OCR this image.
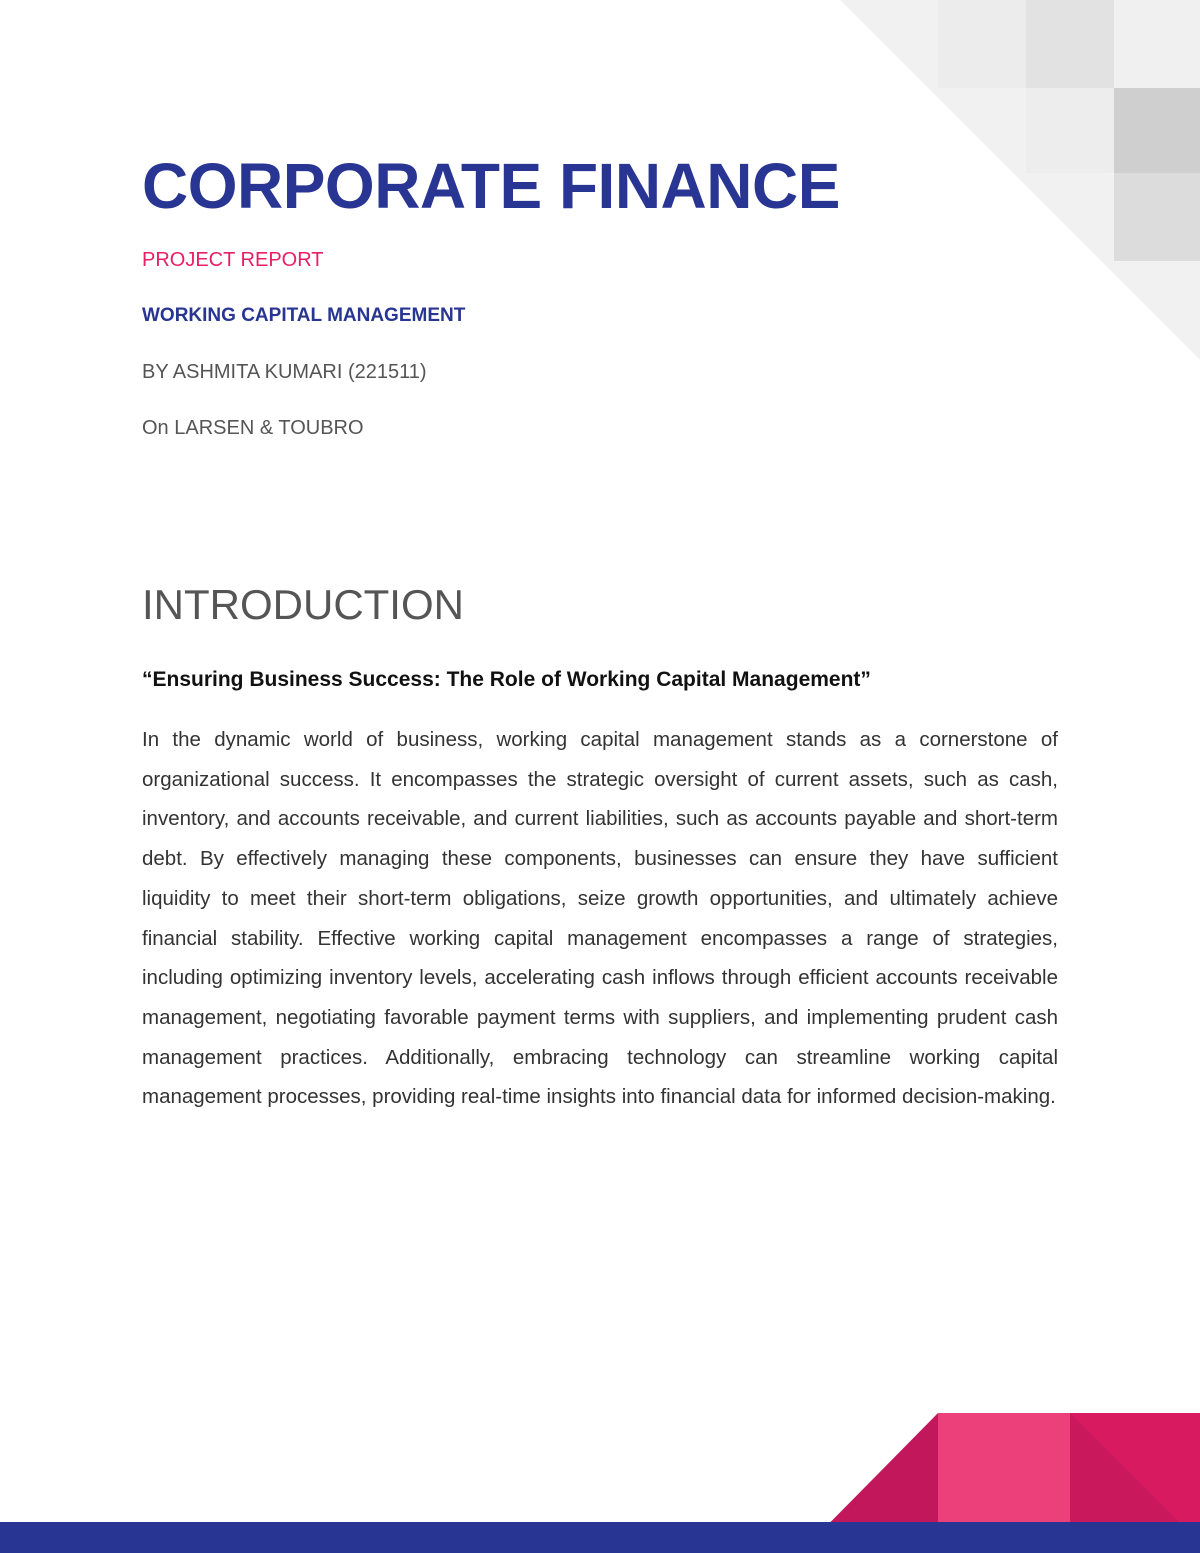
CORPORATE FINANCE

PROJECT REPORT

WORKING CAPITAL MANAGEMENT

BY ASHMITA KUMARI (221511)

On LARSEN & TOUBRO

INTRODUCTION

“Ensuring Business Success: The Role of Working Capital Management”

In the dynamic world of business, working capital management stands as a cornerstone of organizational success. It encompasses the strategic oversight of current assets, such as cash, inventory, and accounts receivable, and current liabilities, such as accounts payable and short-term debt. By effectively managing these components, businesses can ensure they have sufficient liquidity to meet their short-term obligations, seize growth opportunities, and ultimately achieve financial stability. Effective working capital management encompasses a range of strategies, including optimizing inventory levels, accelerating cash inflows through efficient accounts receivable management, negotiating favorable payment terms with suppliers, and implementing prudent cash management practices. Additionally, embracing technology can streamline working capital management processes, providing real-time insights into financial data for informed decision-making.
